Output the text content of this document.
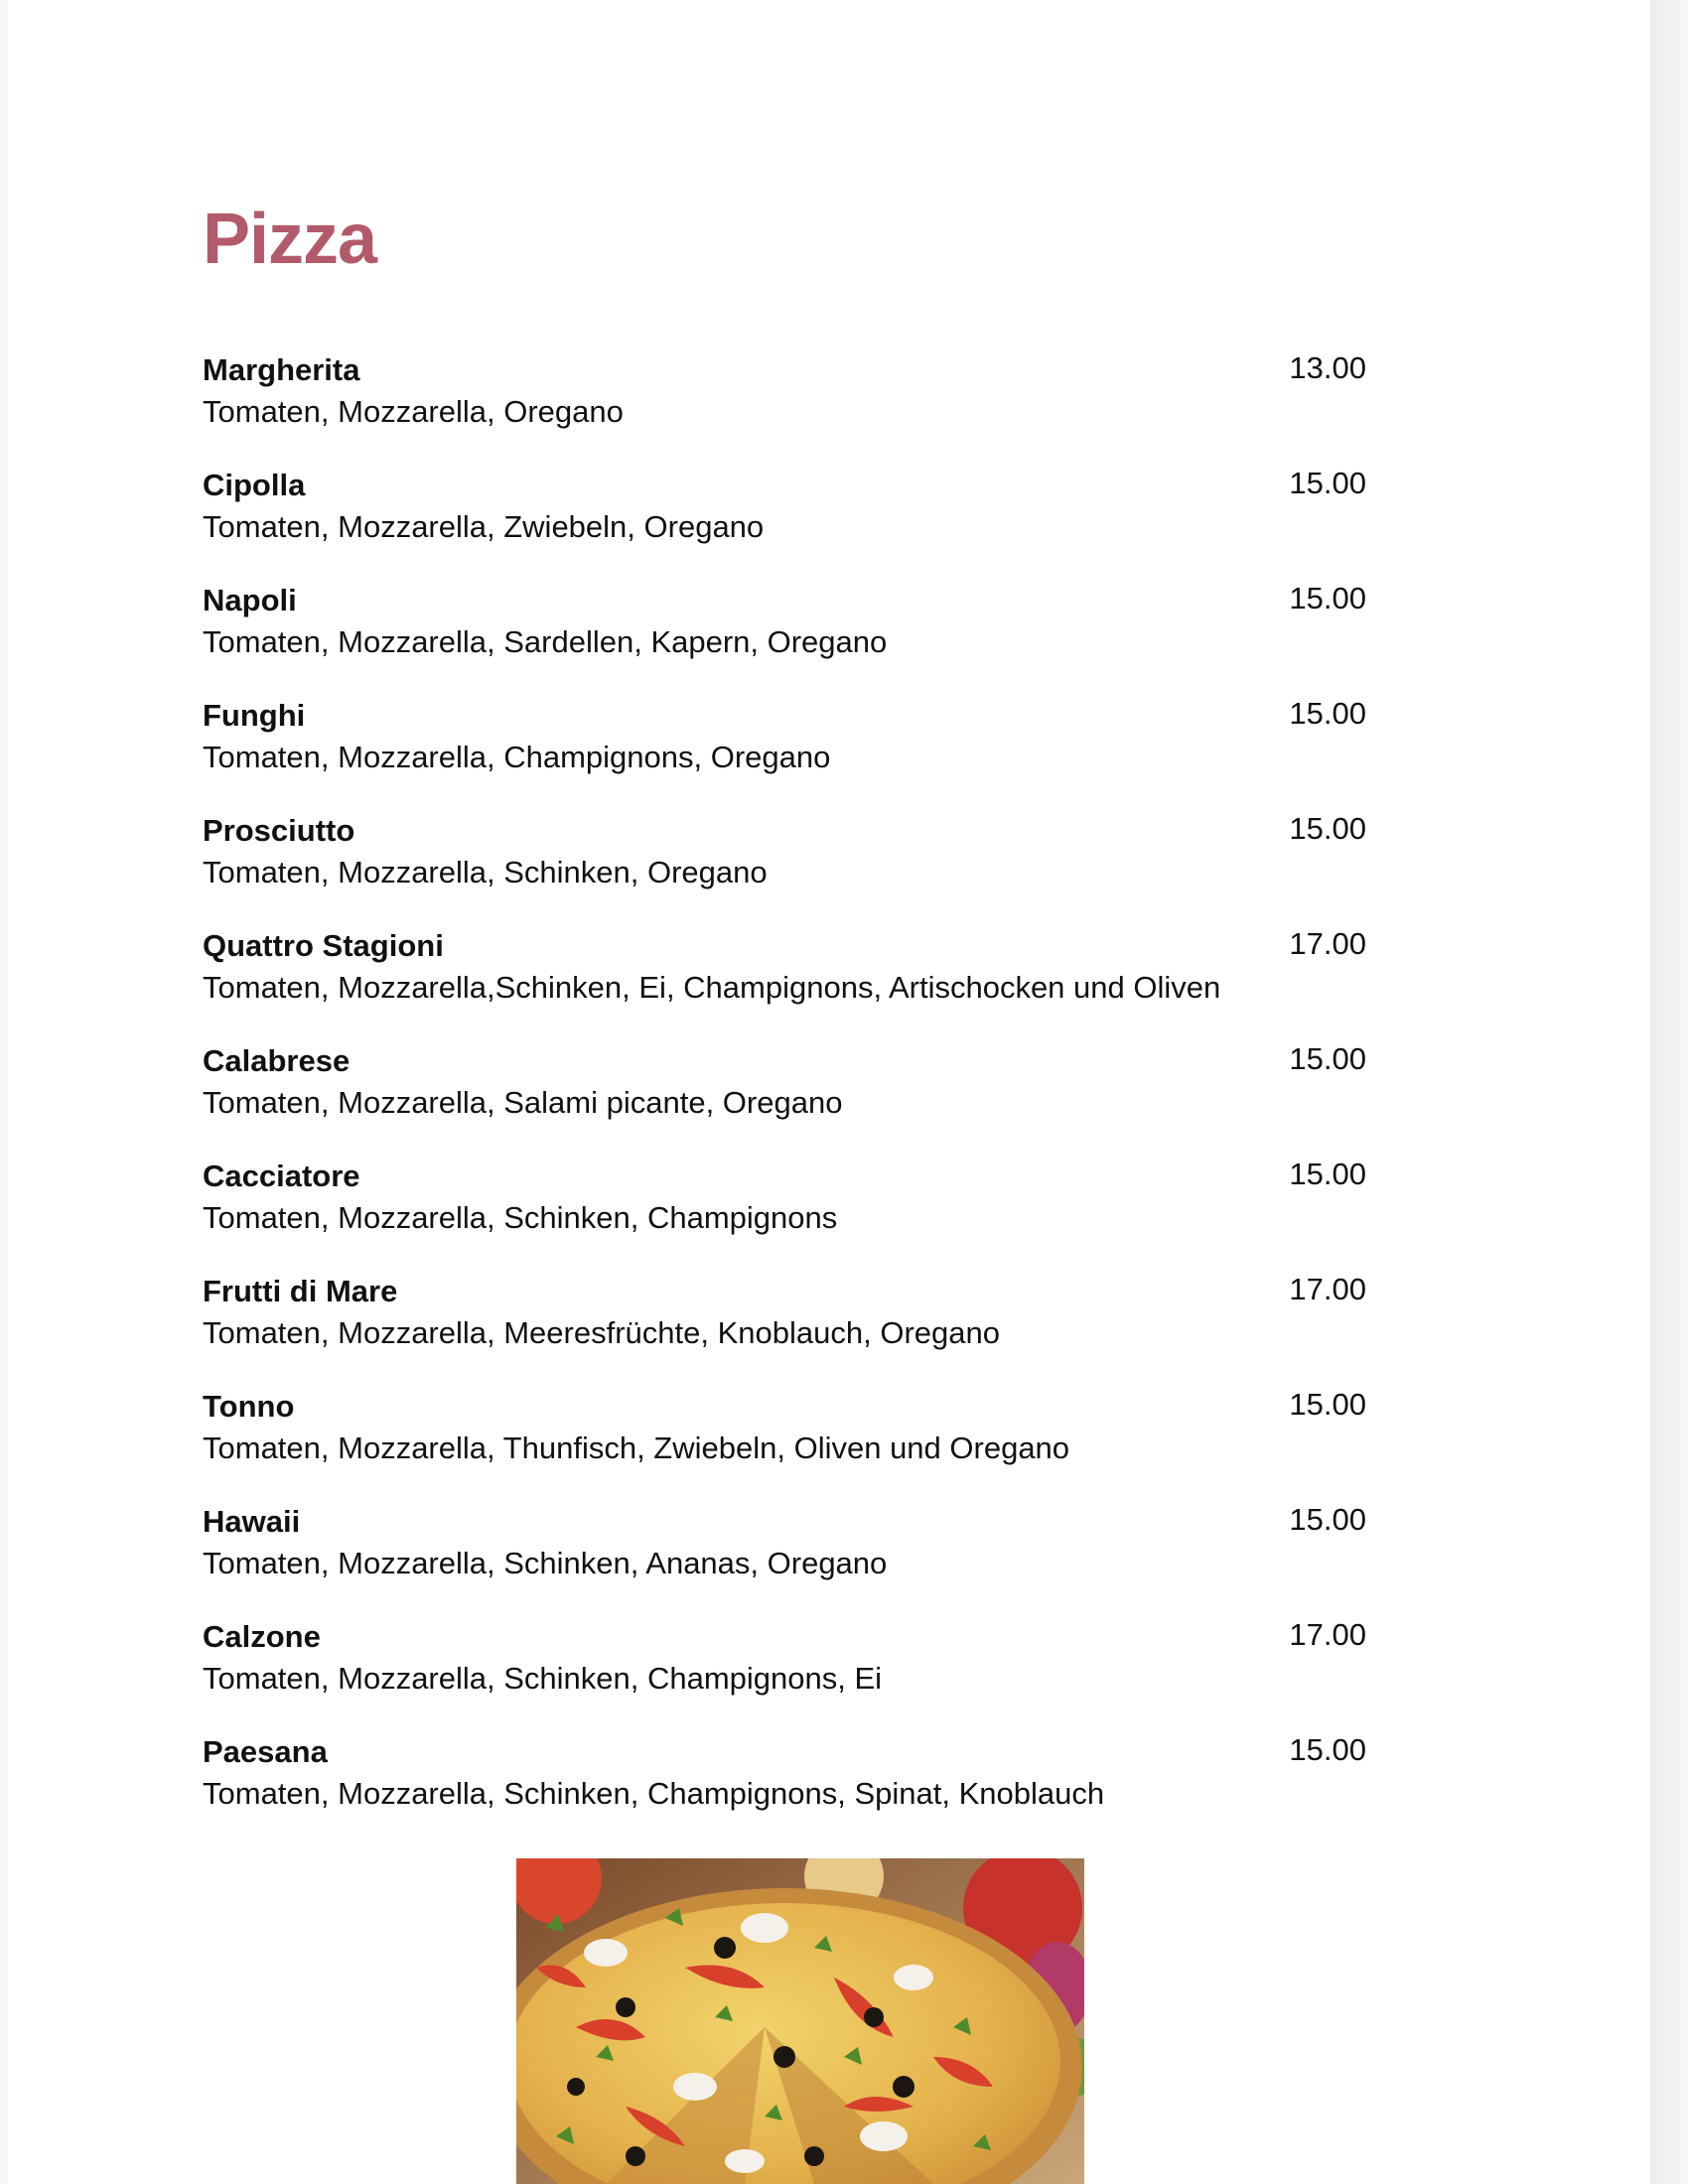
Pizza
Margherita	13.00
Tomaten, Mozzarella, Oregano
Cipolla	15.00
Tomaten, Mozzarella, Zwiebeln, Oregano
Napoli	15.00
Tomaten, Mozzarella, Sardellen, Kapern, Oregano
Funghi	15.00
Tomaten, Mozzarella, Champignons, Oregano
Prosciutto	15.00
Tomaten, Mozzarella, Schinken, Oregano
Quattro Stagioni	17.00
Tomaten, Mozzarella,Schinken, Ei, Champignons, Artischocken und Oliven
Calabrese	15.00
Tomaten, Mozzarella, Salami picante, Oregano
Cacciatore	15.00
Tomaten, Mozzarella, Schinken, Champignons
Frutti di Mare	17.00
Tomaten, Mozzarella, Meeresfrüchte, Knoblauch, Oregano
Tonno	15.00
Tomaten, Mozzarella, Thunfisch, Zwiebeln, Oliven und Oregano
Hawaii	15.00
Tomaten, Mozzarella, Schinken, Ananas, Oregano
Calzone	17.00
Tomaten, Mozzarella, Schinken, Champignons, Ei
Paesana	15.00
Tomaten, Mozzarella, Schinken, Champignons, Spinat, Knoblauch
